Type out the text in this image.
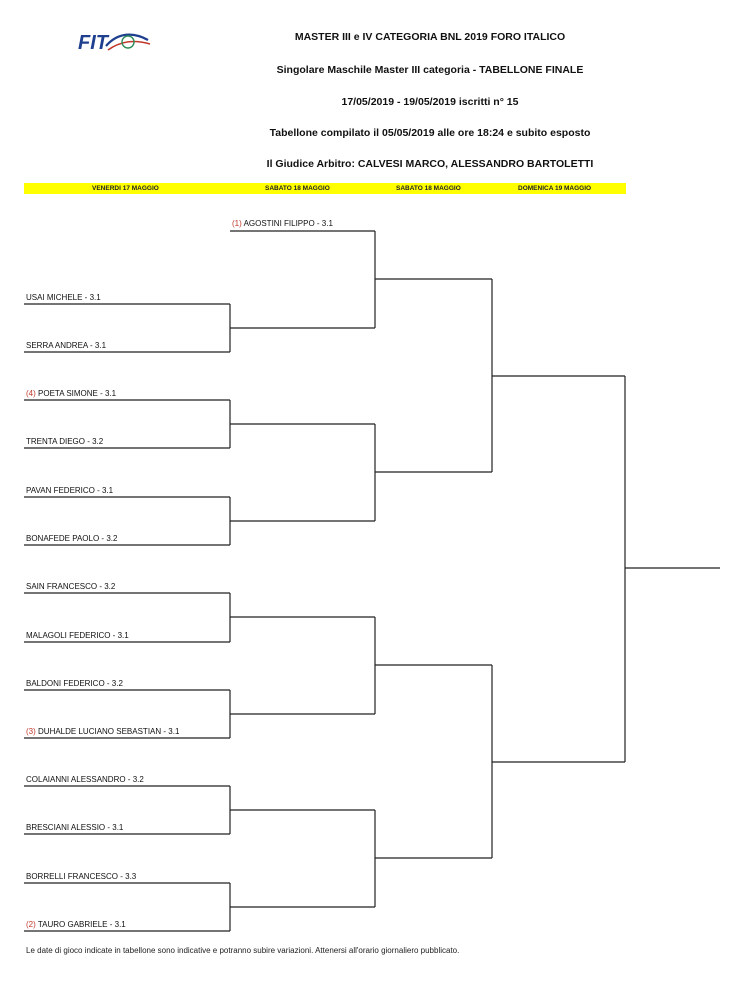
FIT	MASTER III e IV CATEGORIA BNL 2019 FORO ITALICO
Singolare Maschile Master III categoria - TABELLONE FINALE
17/05/2019 - 19/05/2019 iscritti n° 15
Tabellone compilato il 05/05/2019 alle ore 18:24 e subito esposto
Il Giudice Arbitro: CALVESI MARCO, ALESSANDRO BARTOLETTI
VENERDI 17 MAGGIO	SABATO 18 MAGGIO	SABATO 18 MAGGIO	DOMENICA 19 MAGGIO
(1) AGOSTINI FILIPPO - 3.1
USAI MICHELE - 3.1
SERRA ANDREA - 3.1
(4) POETA SIMONE - 3.1
TRENTA DIEGO - 3.2
PAVAN FEDERICO - 3.1
BONAFEDE PAOLO - 3.2
SAIN FRANCESCO - 3.2
MALAGOLI FEDERICO - 3.1
BALDONI FEDERICO - 3.2
(3) DUHALDE LUCIANO SEBASTIAN - 3.1
COLAIANNI ALESSANDRO - 3.2
BRESCIANI ALESSIO - 3.1
BORRELLI FRANCESCO - 3.3
(2) TAURO GABRIELE - 3.1
Le date di gioco indicate in tabellone sono indicative e potranno subire variazioni. Attenersi all'orario giornaliero pubblicato.
